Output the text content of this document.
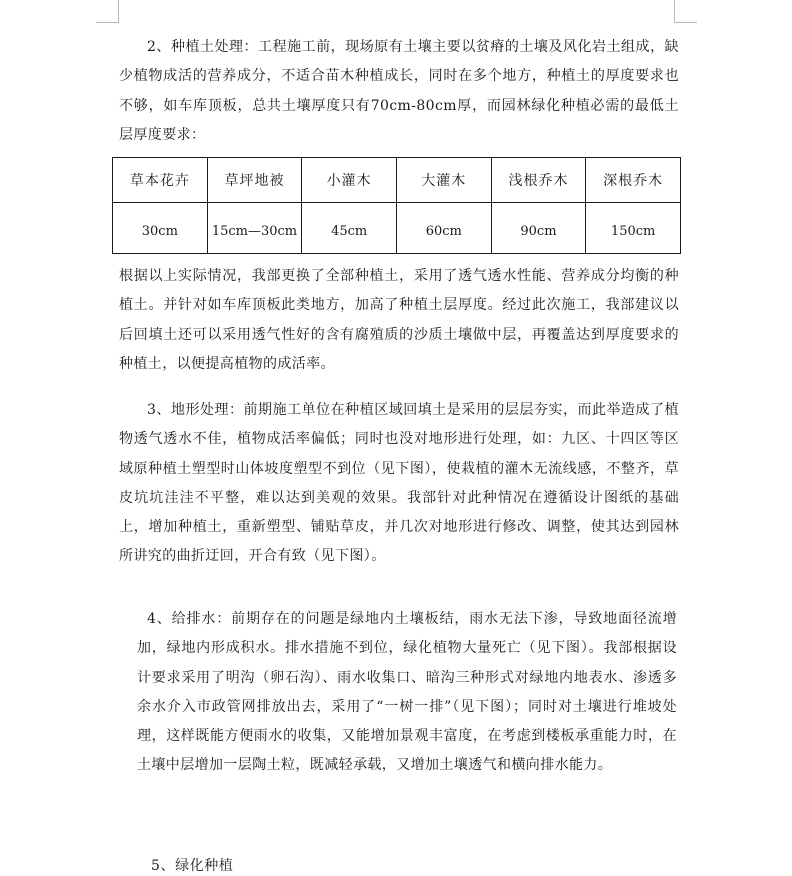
2、种植土处理：工程施工前，现场原有土壤主要以贫瘠的土壤及风化岩土组成，缺少植物成活的营养成分，不适合苗木种植成长，同时在多个地方，种植土的厚度要求也不够，如车库顶板，总共土壤厚度只有70cm-80cm厚，而园林绿化种植必需的最低土层厚度要求：

草本花卉	草坪地被	小灌木	大灌木	浅根乔木	深根乔木
30cm	15cm—30cm	45cm	60cm	90cm	150cm

根据以上实际情况，我部更换了全部种植土，采用了透气透水性能、营养成分均衡的种植土。并针对如车库顶板此类地方，加高了种植土层厚度。经过此次施工，我部建议以后回填土还可以采用透气性好的含有腐殖质的沙质土壤做中层，再覆盖达到厚度要求的种植土，以便提高植物的成活率。

3、地形处理：前期施工单位在种植区域回填土是采用的层层夯实，而此举造成了植物透气透水不佳，植物成活率偏低；同时也没对地形进行处理，如：九区、十四区等区域原种植土塑型时山体坡度塑型不到位（见下图），使栽植的灌木无流线感，不整齐，草皮坑坑洼洼不平整，难以达到美观的效果。我部针对此种情况在遵循设计图纸的基础上，增加种植土，重新塑型、铺贴草皮，并几次对地形进行修改、调整，使其达到园林所讲究的曲折迂回，开合有致（见下图）。

4、给排水：前期存在的问题是绿地内土壤板结，雨水无法下渗，导致地面径流增加，绿地内形成积水。排水措施不到位，绿化植物大量死亡（见下图）。我部根据设计要求采用了明沟（卵石沟）、雨水收集口、暗沟三种形式对绿地内地表水、渗透多余水介入市政管网排放出去，采用了“一树一排”（见下图）；同时对土壤进行堆坡处理，这样既能方便雨水的收集，又能增加景观丰富度，在考虑到楼板承重能力时，在土壤中层增加一层陶土粒，既减轻承载，又增加土壤透气和横向排水能力。

5、绿化种植
